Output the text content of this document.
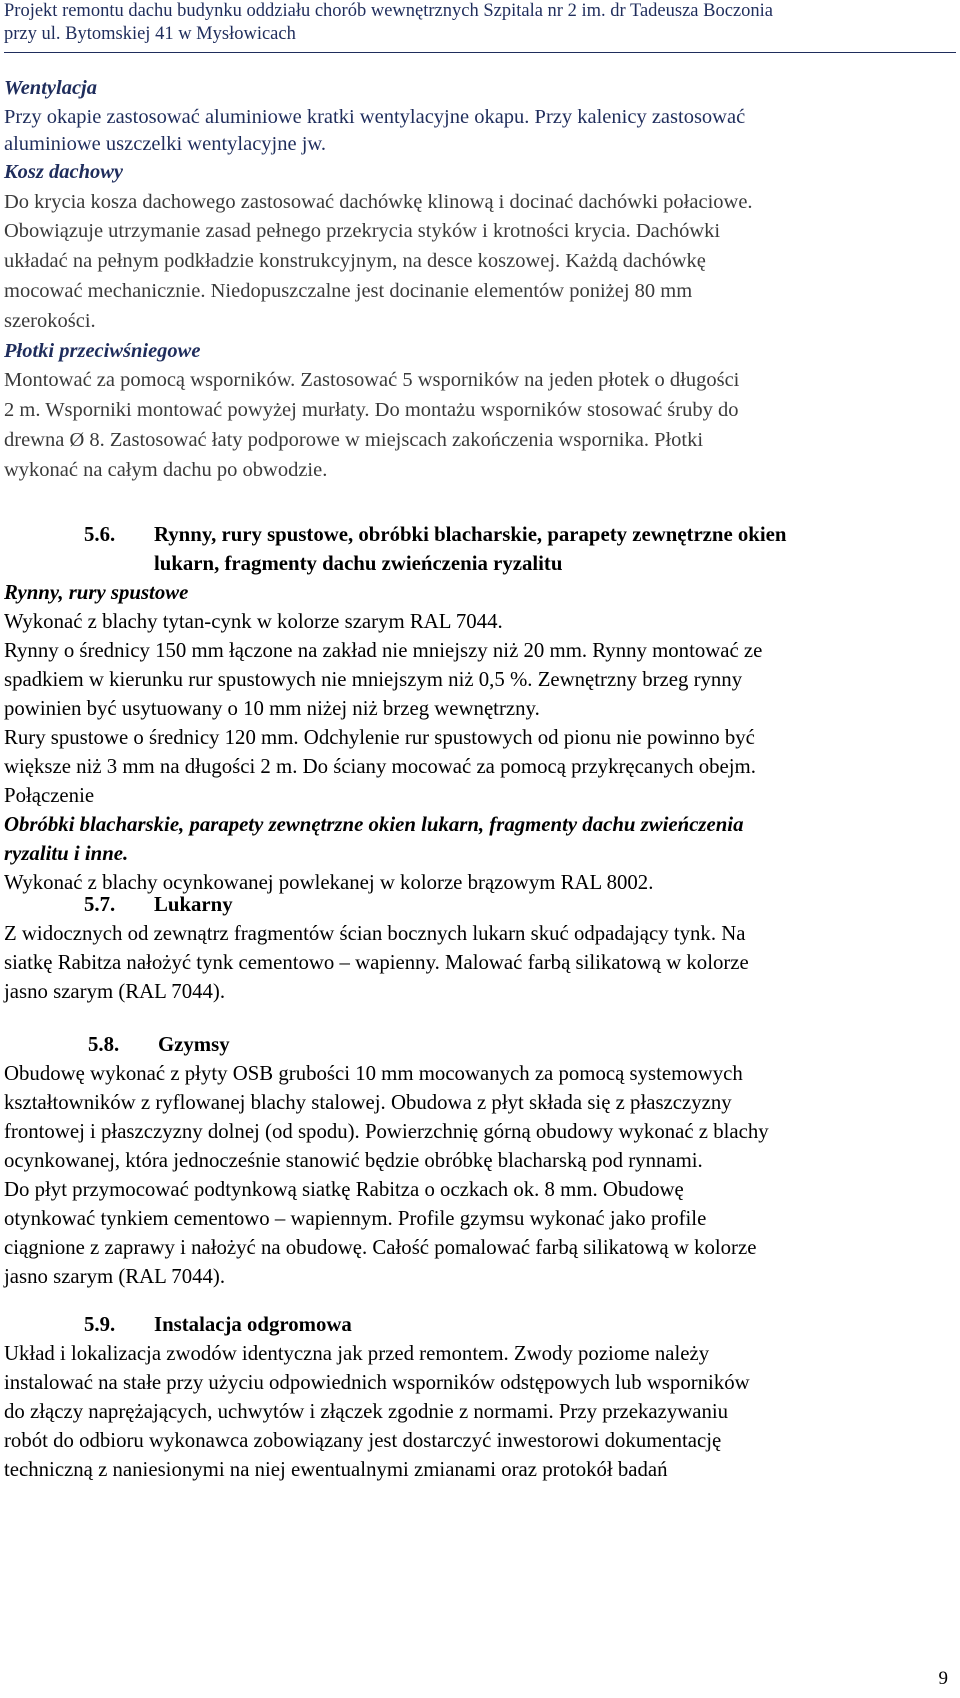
Projekt remontu dachu budynku oddziału chorób wewnętrznych Szpitala nr 2 im. dr Tadeusza Boczonia
przy ul. Bytomskiej 41 w Mysłowicach
Wentylacja
Przy okapie zastosować aluminiowe kratki wentylacyjne okapu. Przy kalenicy zastosować
aluminiowe uszczelki wentylacyjne jw.
Kosz dachowy
Do krycia kosza dachowego zastosować dachówkę klinową i docinać dachówki połaciowe.
Obowiązuje utrzymanie zasad pełnego przekrycia styków i krotności krycia. Dachówki
układać na pełnym podkładzie konstrukcyjnym, na desce koszowej. Każdą dachówkę
mocować mechanicznie. Niedopuszczalne jest docinanie elementów poniżej 80 mm
szerokości.
Płotki przeciwśniegowe
Montować za pomocą wsporników. Zastosować 5 wsporników na jeden płotek o długości
2 m. Wsporniki montować powyżej murłaty. Do montażu wsporników stosować śruby do
drewna Ø 8. Zastosować łaty podporowe w miejscach zakończenia wspornika. Płotki
wykonać na całym dachu po obwodzie.
5.6. Rynny, rury spustowe, obróbki blacharskie, parapety zewnętrzne okien
lukarn, fragmenty dachu zwieńczenia ryzalitu
Rynny, rury spustowe
Wykonać z blachy tytan-cynk w kolorze szarym RAL 7044.
Rynny o średnicy 150 mm łączone na zakład nie mniejszy niż 20 mm. Rynny montować ze
spadkiem w kierunku rur spustowych nie mniejszym niż 0,5 %. Zewnętrzny brzeg rynny
powinien być usytuowany o 10 mm niżej niż brzeg wewnętrzny.
Rury spustowe o średnicy 120 mm. Odchylenie rur spustowych od pionu nie powinno być
większe niż 3 mm na długości 2 m. Do ściany mocować za pomocą przykręcanych obejm.
Połączenie
Obróbki blacharskie, parapety zewnętrzne okien lukarn, fragmenty dachu zwieńczenia
ryzalitu i inne.
Wykonać z blachy ocynkowanej powlekanej w kolorze brązowym RAL 8002.
5.7. Lukarny
Z widocznych od zewnątrz fragmentów ścian bocznych lukarn skuć odpadający tynk. Na
siatkę Rabitza nałożyć tynk cementowo – wapienny. Malować farbą silikatową w kolorze
jasno szarym (RAL 7044).
5.8. Gzymsy
Obudowę wykonać z płyty OSB grubości 10 mm mocowanych za pomocą systemowych
kształtowników z ryflowanej blachy stalowej. Obudowa z płyt składa się z płaszczyzny
frontowej i płaszczyzny dolnej (od spodu). Powierzchnię górną obudowy wykonać z blachy
ocynkowanej, która jednocześnie stanowić będzie obróbkę blacharską pod rynnami.
Do płyt przymocować podtynkową siatkę Rabitza o oczkach ok. 8 mm. Obudowę
otynkować tynkiem cementowo – wapiennym. Profile gzymsu wykonać jako profile
ciągnione z zaprawy i nałożyć na obudowę. Całość pomalować farbą silikatową w kolorze
jasno szarym (RAL 7044).
5.9. Instalacja odgromowa
Układ i lokalizacja zwodów identyczna jak przed remontem. Zwody poziome należy
instalować na stałe przy użyciu odpowiednich wsporników odstępowych lub wsporników
do złączy naprężających, uchwytów i złączek zgodnie z normami. Przy przekazywaniu
robót do odbioru wykonawca zobowiązany jest dostarczyć inwestorowi dokumentację
techniczną z naniesionymi na niej ewentualnymi zmianami oraz protokół badań
9
